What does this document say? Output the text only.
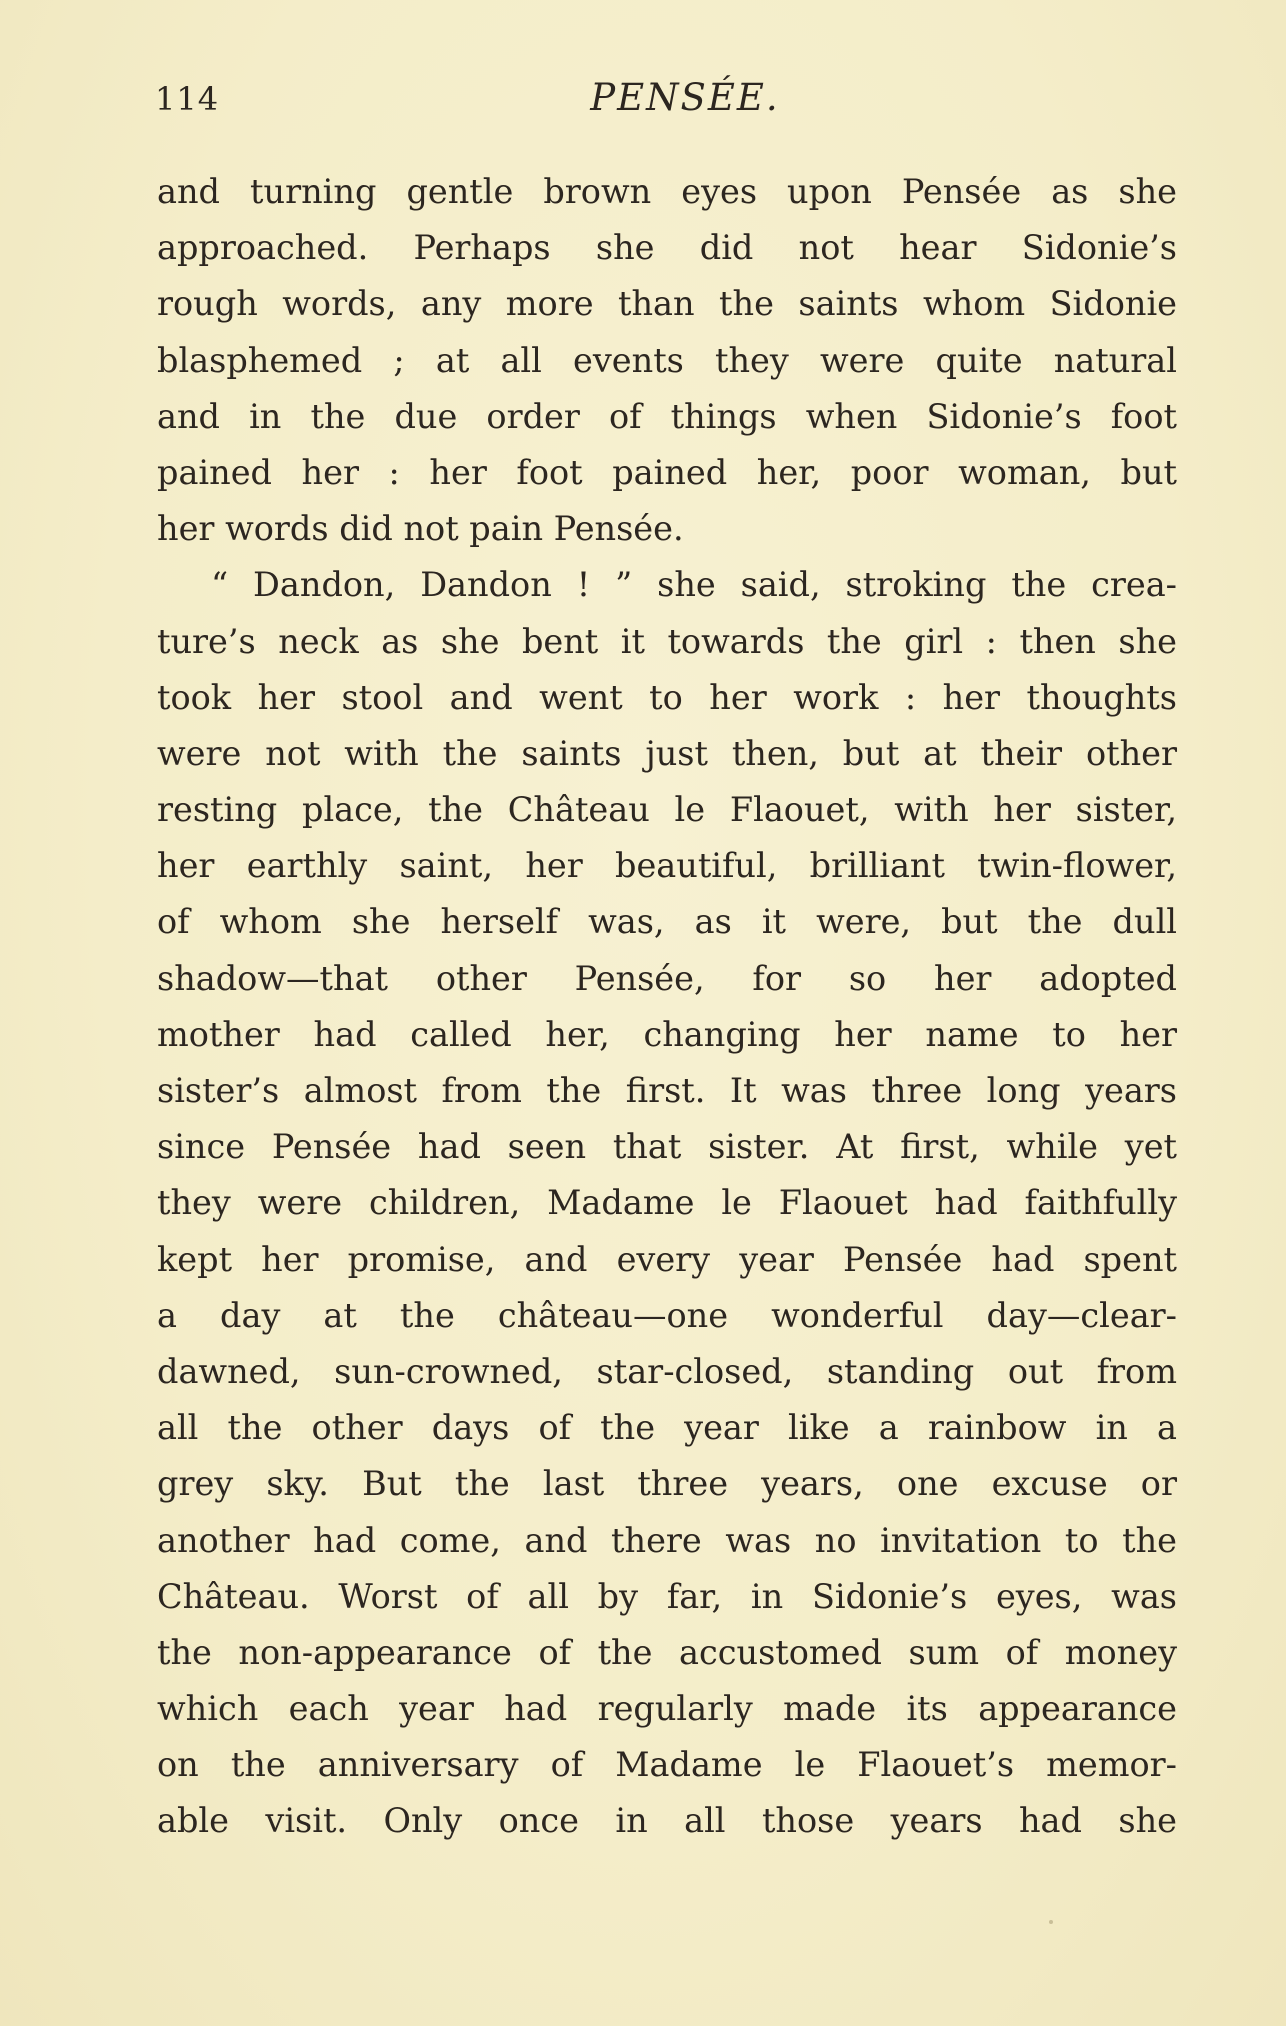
114	PENSÉE.
and turning gentle brown eyes upon Pensée as she
approached. Perhaps she did not hear Sidonie’s
rough words, any more than the saints whom Sidonie
blasphemed ; at all events they were quite natural
and in the due order of things when Sidonie’s foot
pained her : her foot pained her, poor woman, but
her words did not pain Pensée.
“ Dandon, Dandon ! ” she said, stroking the crea-
ture’s neck as she bent it towards the girl : then she
took her stool and went to her work : her thoughts
were not with the saints just then, but at their other
resting place, the Château le Flaouet, with her sister,
her earthly saint, her beautiful, brilliant twin-flower,
of whom she herself was, as it were, but the dull
shadow—that other Pensée, for so her adopted
mother had called her, changing her name to her
sister’s almost from the first. It was three long years
since Pensée had seen that sister. At first, while yet
they were children, Madame le Flaouet had faithfully
kept her promise, and every year Pensée had spent
a day at the château—one wonderful day—clear-
dawned, sun-crowned, star-closed, standing out from
all the other days of the year like a rainbow in a
grey sky. But the last three years, one excuse or
another had come, and there was no invitation to the
Château. Worst of all by far, in Sidonie’s eyes, was
the non-appearance of the accustomed sum of money
which each year had regularly made its appearance
on the anniversary of Madame le Flaouet’s memor-
able visit. Only once in all those years had she
